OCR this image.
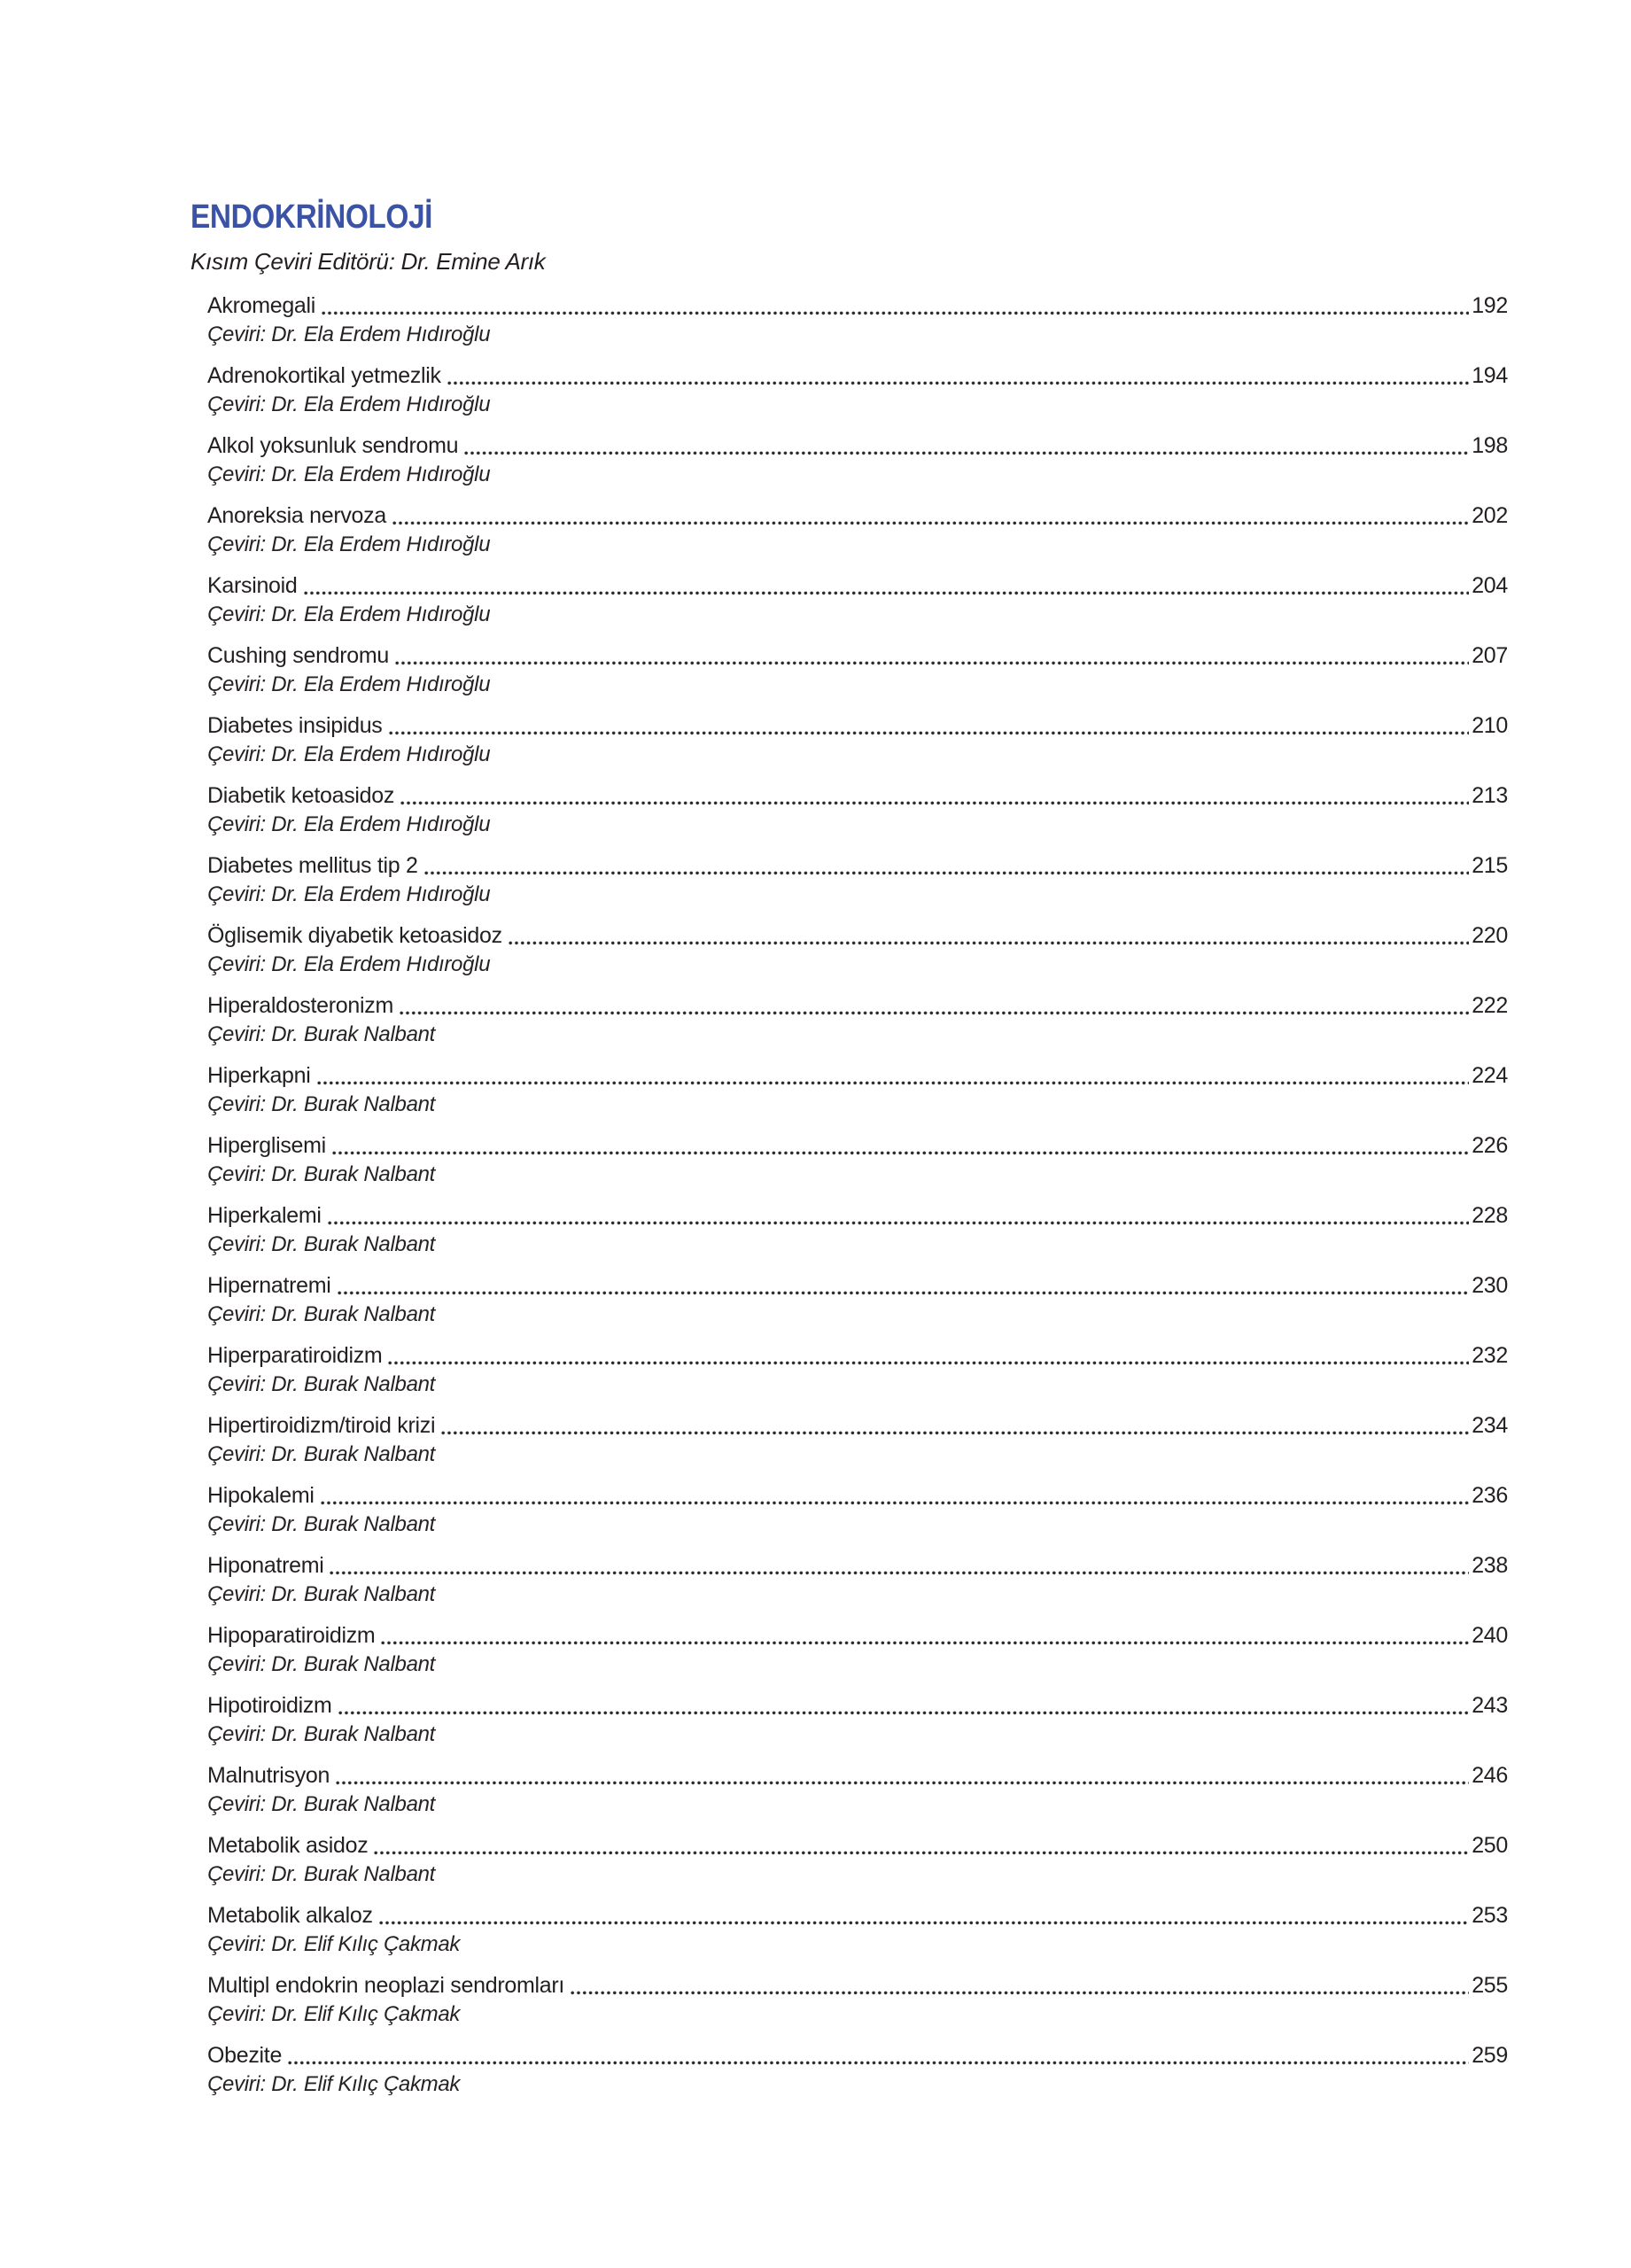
ENDOKRİNOLOJİ
Kısım Çeviri Editörü: Dr. Emine Arık
Akromegali	192
Çeviri: Dr. Ela Erdem Hıdıroğlu
Adrenokortikal yetmezlik	194
Çeviri: Dr. Ela Erdem Hıdıroğlu
Alkol yoksunluk sendromu	198
Çeviri: Dr. Ela Erdem Hıdıroğlu
Anoreksia nervoza	202
Çeviri: Dr. Ela Erdem Hıdıroğlu
Karsinoid	204
Çeviri: Dr. Ela Erdem Hıdıroğlu
Cushing sendromu	207
Çeviri: Dr. Ela Erdem Hıdıroğlu
Diabetes insipidus	210
Çeviri: Dr. Ela Erdem Hıdıroğlu
Diabetik ketoasidoz	213
Çeviri: Dr. Ela Erdem Hıdıroğlu
Diabetes mellitus tip 2	215
Çeviri: Dr. Ela Erdem Hıdıroğlu
Öglisemik diyabetik ketoasidoz	220
Çeviri: Dr. Ela Erdem Hıdıroğlu
Hiperaldosteronizm	222
Çeviri: Dr. Burak Nalbant
Hiperkapni	224
Çeviri: Dr. Burak Nalbant
Hiperglisemi	226
Çeviri: Dr. Burak Nalbant
Hiperkalemi	228
Çeviri: Dr. Burak Nalbant
Hipernatremi	230
Çeviri: Dr. Burak Nalbant
Hiperparatiroidizm	232
Çeviri: Dr. Burak Nalbant
Hipertiroidizm/tiroid krizi	234
Çeviri: Dr. Burak Nalbant
Hipokalemi	236
Çeviri: Dr. Burak Nalbant
Hiponatremi	238
Çeviri: Dr. Burak Nalbant
Hipoparatiroidizm	240
Çeviri: Dr. Burak Nalbant
Hipotiroidizm	243
Çeviri: Dr. Burak Nalbant
Malnutrisyon	246
Çeviri: Dr. Burak Nalbant
Metabolik asidoz	250
Çeviri: Dr. Burak Nalbant
Metabolik alkaloz	253
Çeviri: Dr. Elif Kılıç Çakmak
Multipl endokrin neoplazi sendromları	255
Çeviri: Dr. Elif Kılıç Çakmak
Obezite	259
Çeviri: Dr. Elif Kılıç Çakmak
